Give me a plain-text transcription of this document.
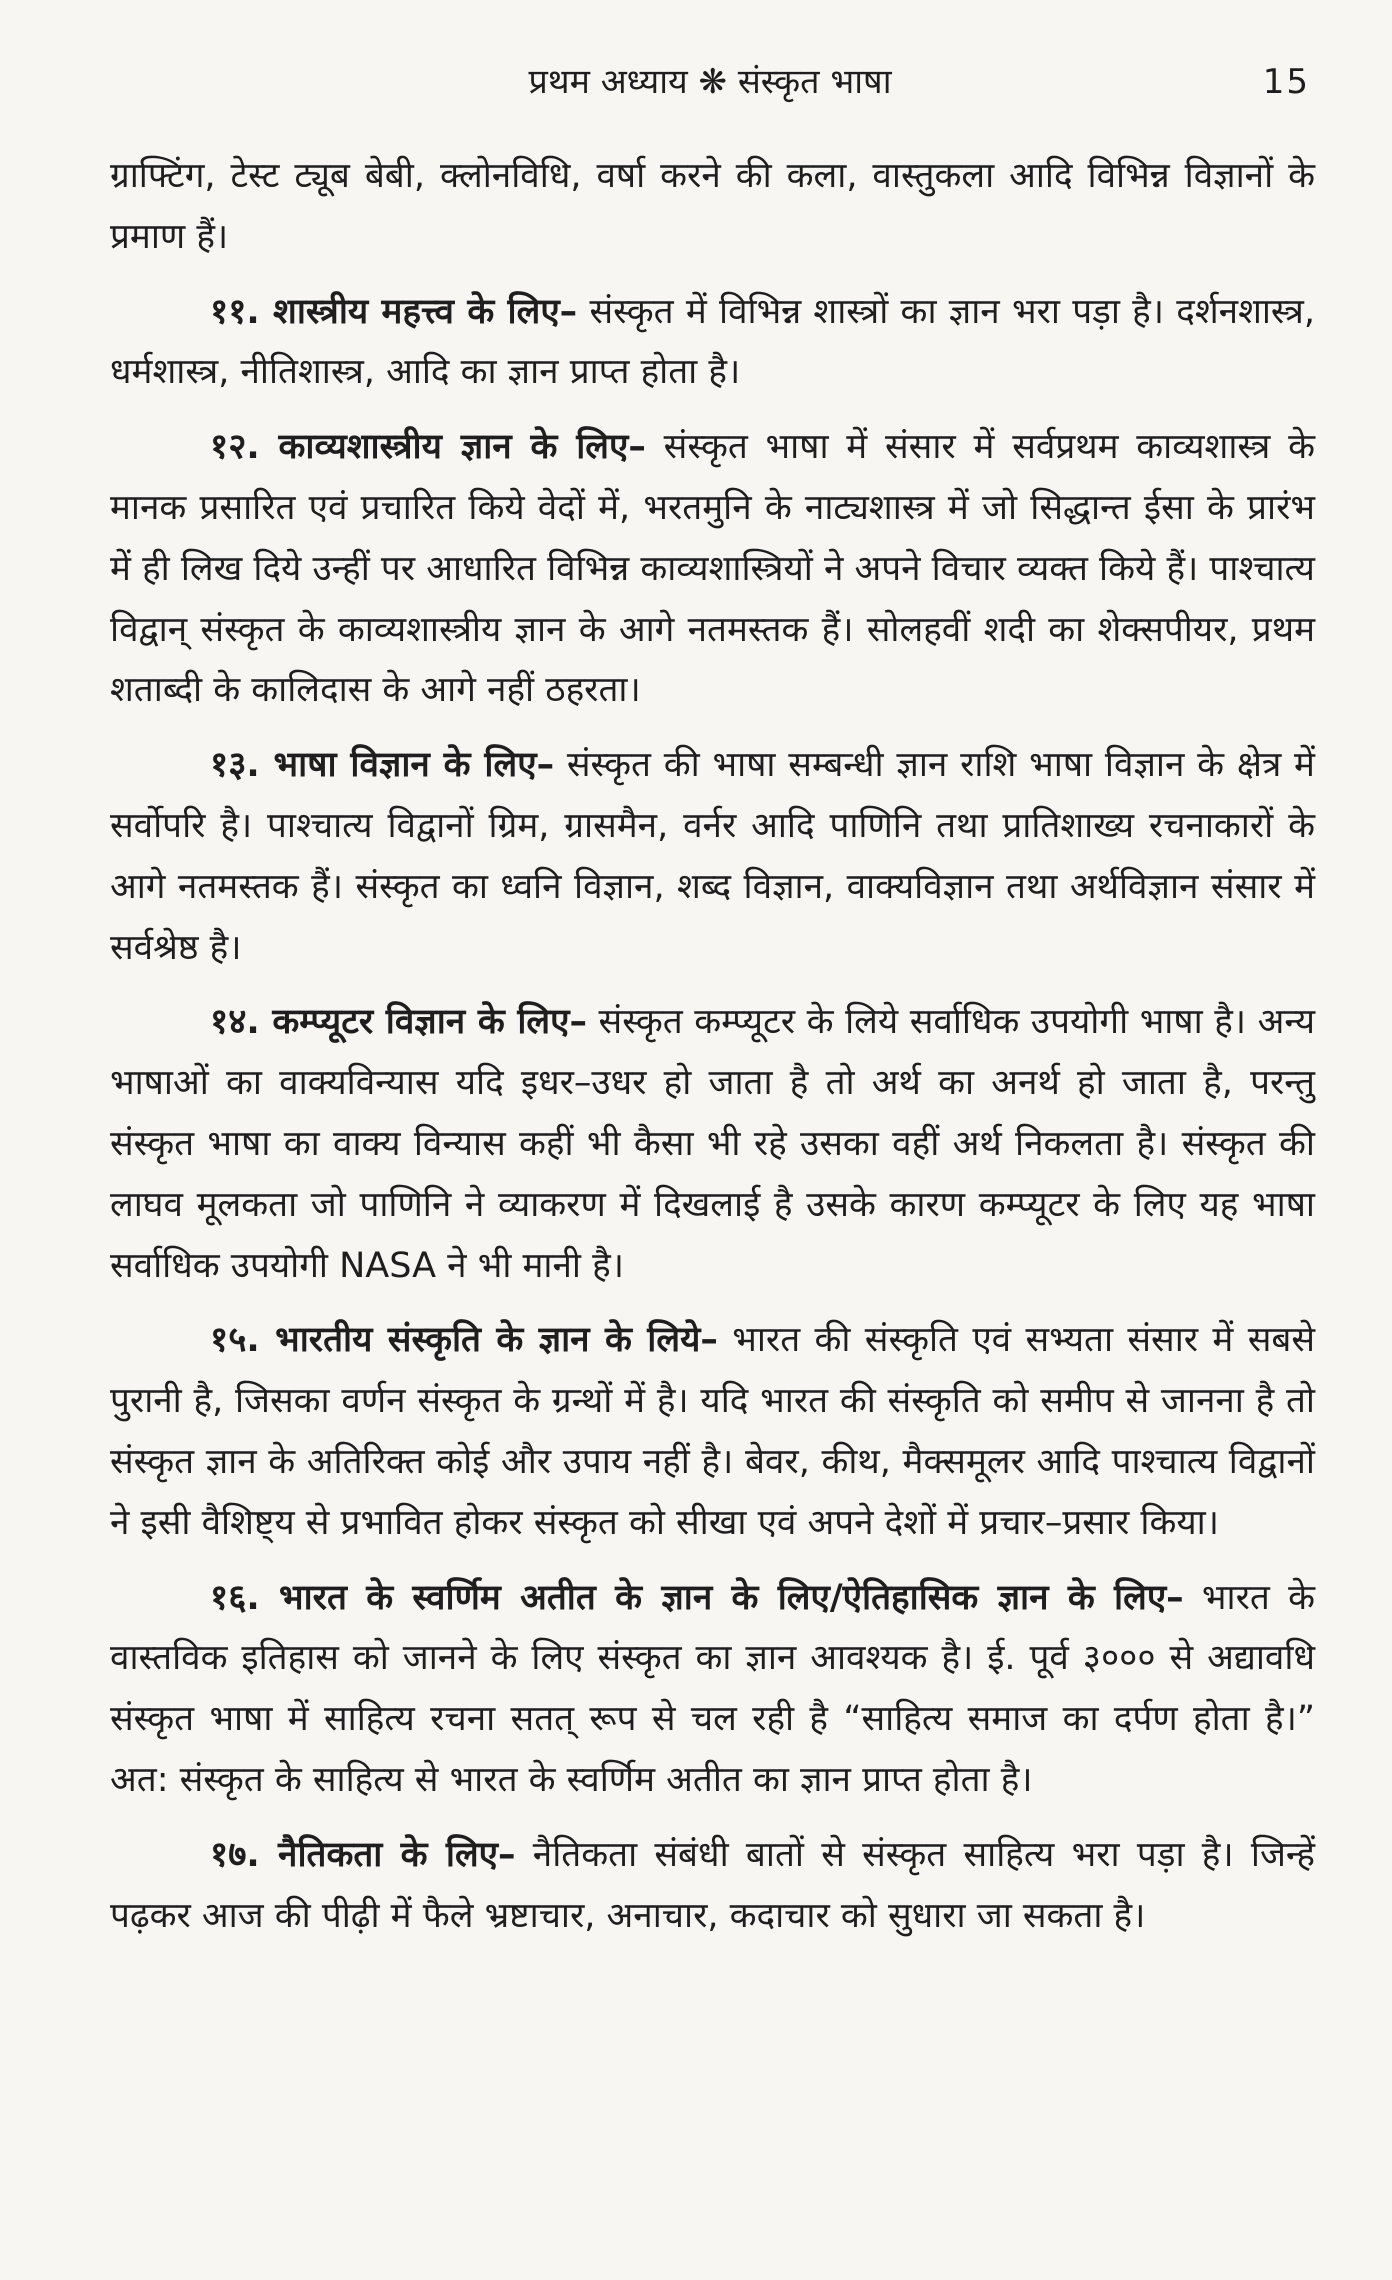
प्रथम अध्याय ❋ संस्कृत भाषा	15

ग्राफ्टिंग, टेस्ट ट्यूब बेबी, क्लोनविधि, वर्षा करने की कला, वास्तुकला आदि विभिन्न विज्ञानों के प्रमाण हैं।

११. शास्त्रीय महत्त्व के लिए– संस्कृत में विभिन्न शास्त्रों का ज्ञान भरा पड़ा है। दर्शनशास्त्र, धर्मशास्त्र, नीतिशास्त्र, आदि का ज्ञान प्राप्त होता है।

१२. काव्यशास्त्रीय ज्ञान के लिए– संस्कृत भाषा में संसार में सर्वप्रथम काव्यशास्त्र के मानक प्रसारित एवं प्रचारित किये वेदों में, भरतमुनि के नाट्यशास्त्र में जो सिद्धान्त ईसा के प्रारंभ में ही लिख दिये उन्हीं पर आधारित विभिन्न काव्यशास्त्रियों ने अपने विचार व्यक्त किये हैं। पाश्चात्य विद्वान् संस्कृत के काव्यशास्त्रीय ज्ञान के आगे नतमस्तक हैं। सोलहवीं शदी का शेक्सपीयर, प्रथम शताब्दी के कालिदास के आगे नहीं ठहरता।

१३. भाषा विज्ञान के लिए– संस्कृत की भाषा सम्बन्धी ज्ञान राशि भाषा विज्ञान के क्षेत्र में सर्वोपरि है। पाश्चात्य विद्वानों ग्रिम, ग्रासमैन, वर्नर आदि पाणिनि तथा प्रातिशाख्य रचनाकारों के आगे नतमस्तक हैं। संस्कृत का ध्वनि विज्ञान, शब्द विज्ञान, वाक्यविज्ञान तथा अर्थविज्ञान संसार में सर्वश्रेष्ठ है।

१४. कम्प्यूटर विज्ञान के लिए– संस्कृत कम्प्यूटर के लिये सर्वाधिक उपयोगी भाषा है। अन्य भाषाओं का वाक्यविन्यास यदि इधर–उधर हो जाता है तो अर्थ का अनर्थ हो जाता है, परन्तु संस्कृत भाषा का वाक्य विन्यास कहीं भी कैसा भी रहे उसका वहीं अर्थ निकलता है। संस्कृत की लाघव मूलकता जो पाणिनि ने व्याकरण में दिखलाई है उसके कारण कम्प्यूटर के लिए यह भाषा सर्वाधिक उपयोगी NASA ने भी मानी है।

१५. भारतीय संस्कृति के ज्ञान के लिये– भारत की संस्कृति एवं सभ्यता संसार में सबसे पुरानी है, जिसका वर्णन संस्कृत के ग्रन्थों में है। यदि भारत की संस्कृति को समीप से जानना है तो संस्कृत ज्ञान के अतिरिक्त कोई और उपाय नहीं है। बेवर, कीथ, मैक्समूलर आदि पाश्चात्य विद्वानों ने इसी वैशिष्ट्य से प्रभावित होकर संस्कृत को सीखा एवं अपने देशों में प्रचार–प्रसार किया।

१६. भारत के स्वर्णिम अतीत के ज्ञान के लिए/ऐतिहासिक ज्ञान के लिए– भारत के वास्तविक इतिहास को जानने के लिए संस्कृत का ज्ञान आवश्यक है। ई. पूर्व ३००० से अद्यावधि संस्कृत भाषा में साहित्य रचना सतत् रूप से चल रही है “साहित्य समाज का दर्पण होता है।” अत: संस्कृत के साहित्य से भारत के स्वर्णिम अतीत का ज्ञान प्राप्त होता है।

१७. नैतिकता के लिए– नैतिकता संबंधी बातों से संस्कृत साहित्य भरा पड़ा है। जिन्हें पढ़कर आज की पीढ़ी में फैले भ्रष्टाचार, अनाचार, कदाचार को सुधारा जा सकता है।
